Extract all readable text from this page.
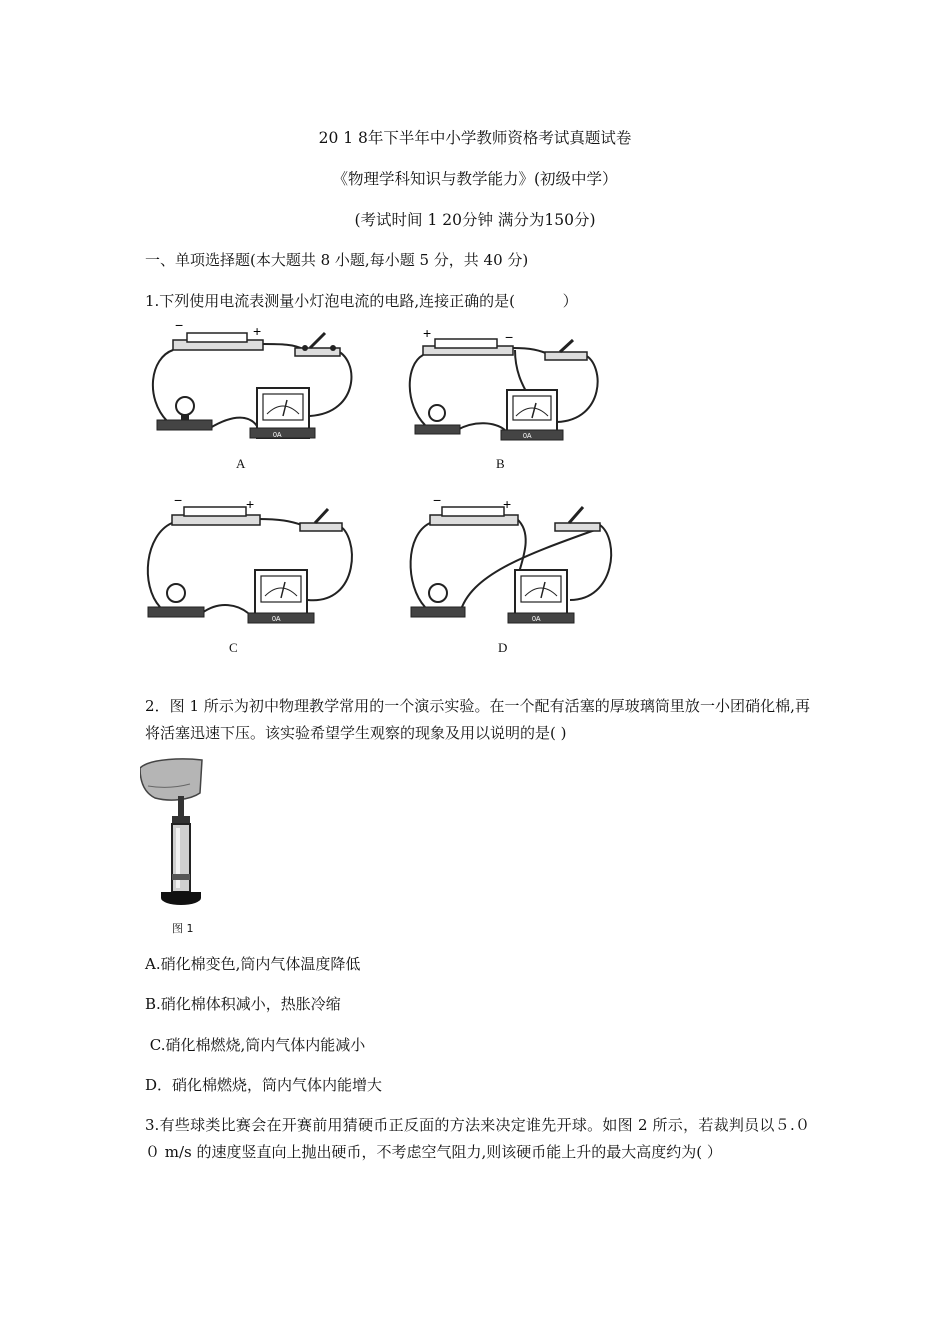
20 1 8年下半年中小学教师资格考试真题试卷
《物理学科知识与教学能力》(初级中学）
(考试时间 1 20分钟 满分为150分)
一、单项选择题(本大题共 8 小题,每小题 5 分，共 40 分)
1.下列使用电流表测量小灯泡电流的电路,连接正确的是(          ）
0A
−	+
A
0A
+	−
B
0A
−	+
C
0A
−	+
D
2．图 1 所示为初中物理教学常用的一个演示实验。在一个配有活塞的厚玻璃筒里放一小团硝化棉,再将活塞迅速下压。该实验希望学生观察的现象及用以说明的是( )
图 1
A.硝化棉变色,筒内气体温度降低
B.硝化棉体积减小，热胀冷缩
C.硝化棉燃烧,筒内气体内能减小
D．硝化棉燃烧，筒内气体内能增大
3.有些球类比赛会在开赛前用猜硬币正反面的方法来决定谁先开球。如图 2 所示，若裁判员以５.００ m/s 的速度竖直向上抛出硬币，不考虑空气阻力,则该硬币能上升的最大高度约为( ）
